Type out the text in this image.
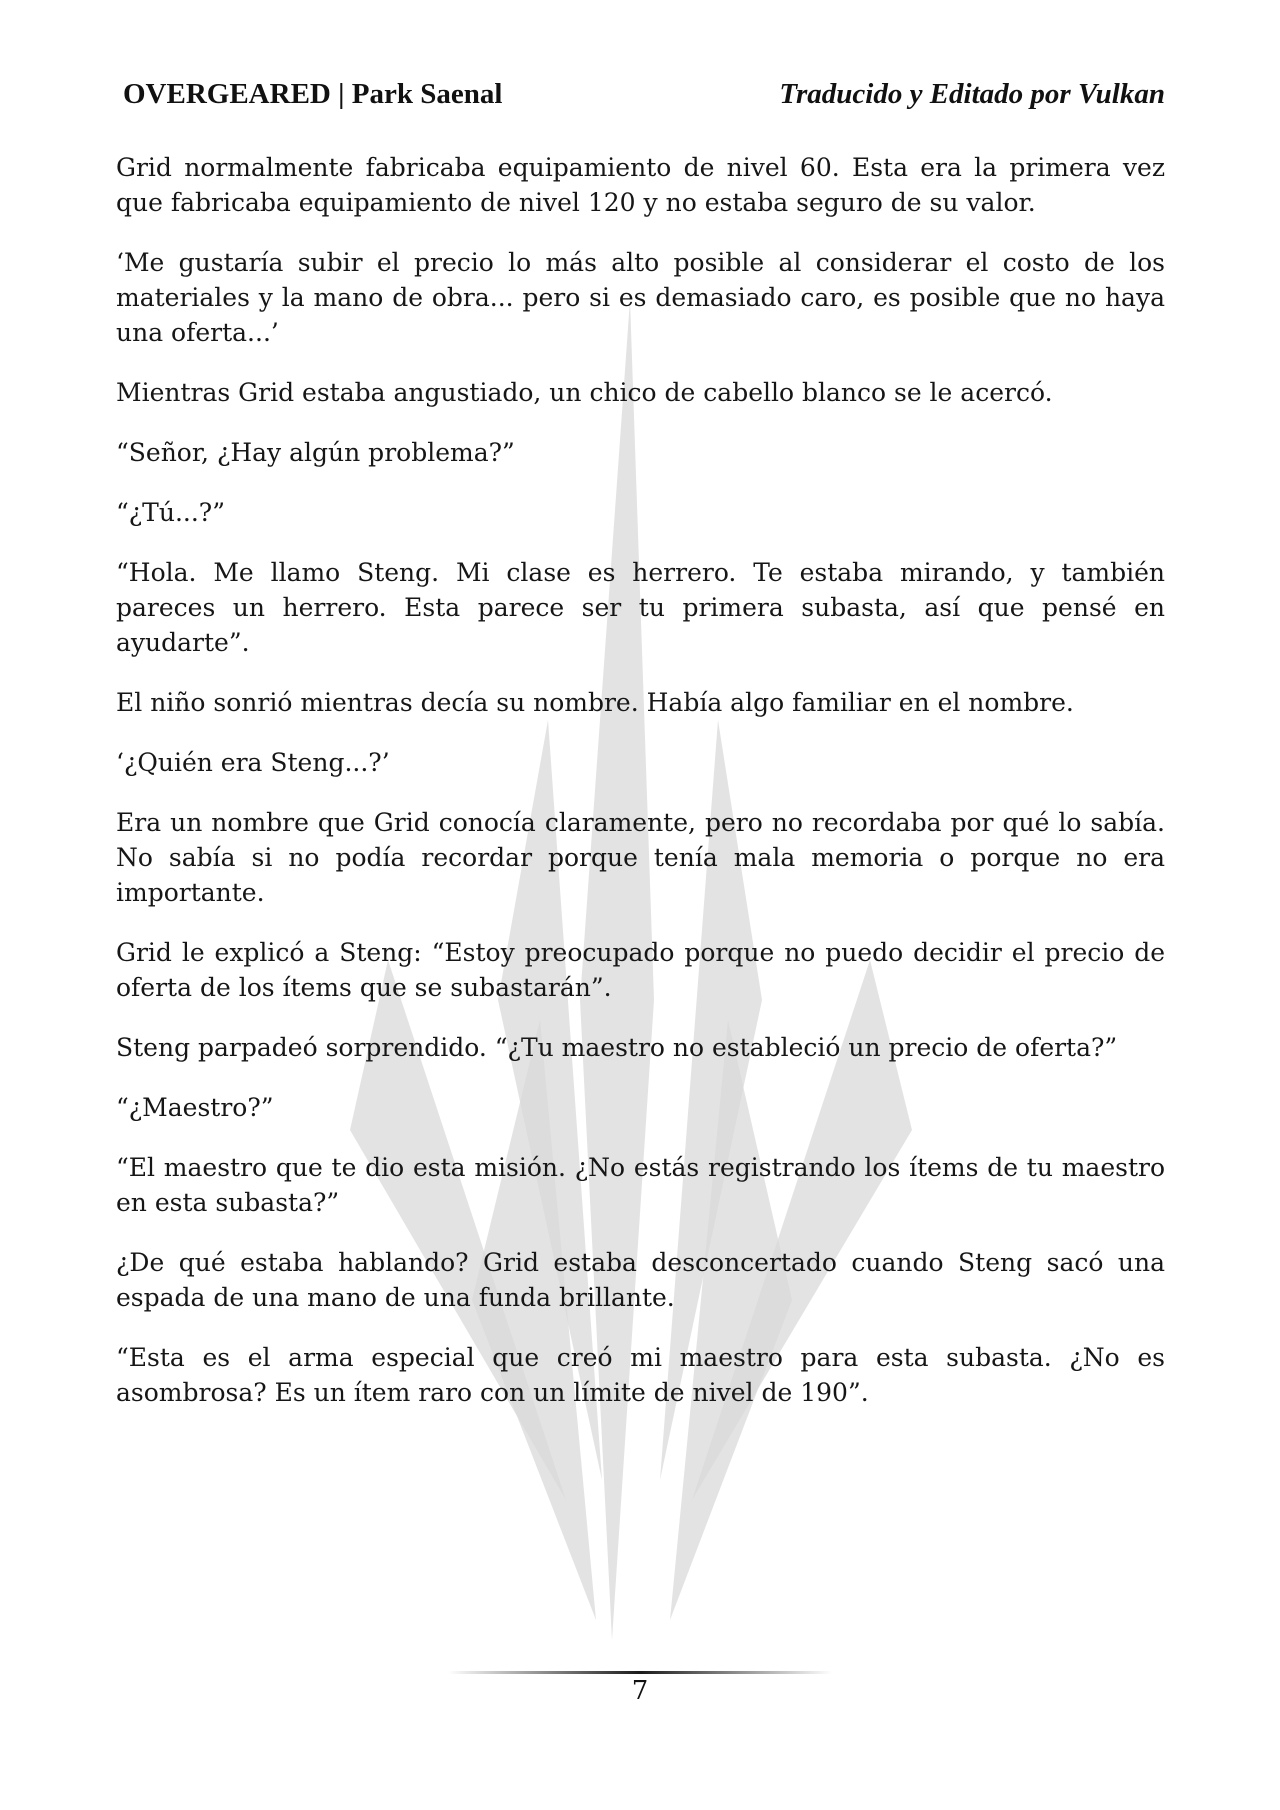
OVERGEARED | Park Saenal	Traducido y Editado por Vulkan

Grid normalmente fabricaba equipamiento de nivel 60. Esta era la primera vez que fabricaba equipamiento de nivel 120 y no estaba seguro de su valor.

‘Me gustaría subir el precio lo más alto posible al considerar el costo de los materiales y la mano de obra... pero si es demasiado caro, es posible que no haya una oferta...’

Mientras Grid estaba angustiado, un chico de cabello blanco se le acercó.

“Señor, ¿Hay algún problema?”

“¿Tú...?”

“Hola. Me llamo Steng. Mi clase es herrero. Te estaba mirando, y también pareces un herrero. Esta parece ser tu primera subasta, así que pensé en ayudarte”.

El niño sonrió mientras decía su nombre. Había algo familiar en el nombre.

‘¿Quién era Steng...?’

Era un nombre que Grid conocía claramente, pero no recordaba por qué lo sabía. No sabía si no podía recordar porque tenía mala memoria o porque no era importante.

Grid le explicó a Steng: “Estoy preocupado porque no puedo decidir el precio de oferta de los ítems que se subastarán”.

Steng parpadeó sorprendido. “¿Tu maestro no estableció un precio de oferta?”

“¿Maestro?”

“El maestro que te dio esta misión. ¿No estás registrando los ítems de tu maestro en esta subasta?”

¿De qué estaba hablando? Grid estaba desconcertado cuando Steng sacó una espada de una mano de una funda brillante.

“Esta es el arma especial que creó mi maestro para esta subasta. ¿No es asombrosa? Es un ítem raro con un límite de nivel de 190”.

7
